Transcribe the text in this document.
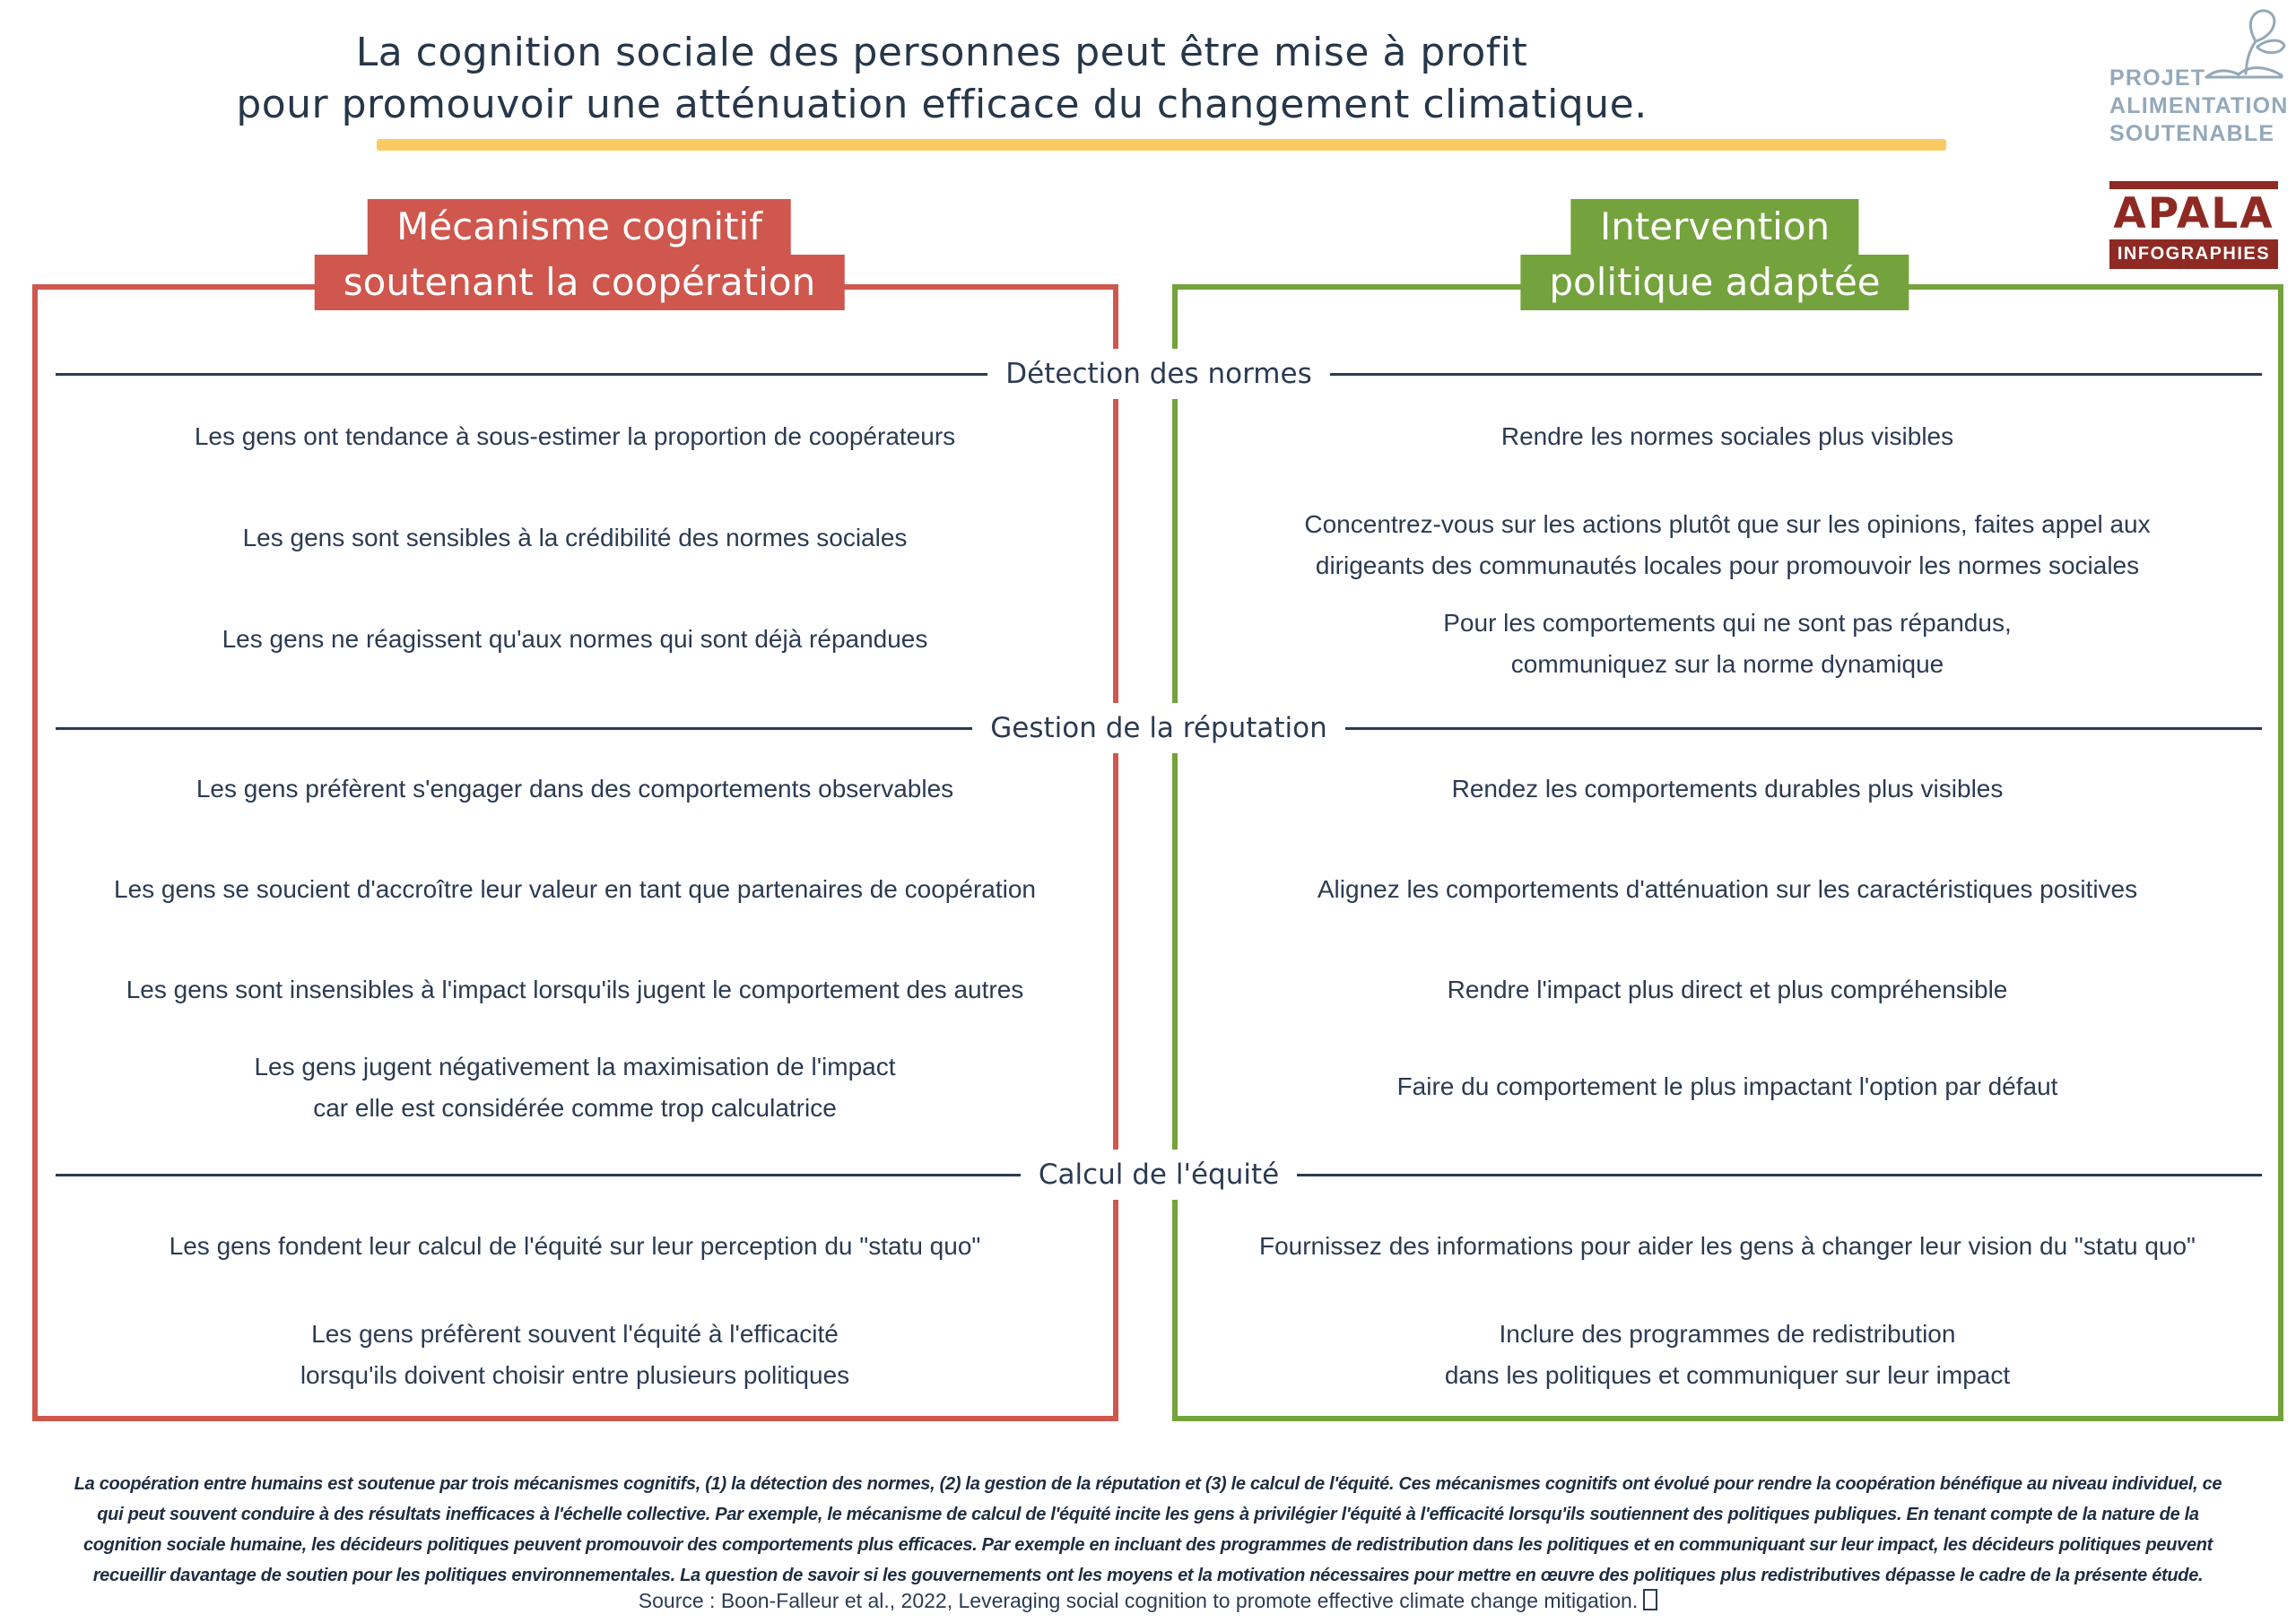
La cognition sociale des personnes peut être mise à profit
pour promouvoir une atténuation efficace du changement climatique.
PROJET
ALIMENTATION
SOUTENABLE
APALA
INFOGRAPHIES
Mécanisme cognitif
soutenant la coopération
Intervention
politique adaptée
Détection des normes
Les gens ont tendance à sous-estimer la proportion de coopérateurs
Les gens sont sensibles à la crédibilité des normes sociales
Les gens ne réagissent qu'aux normes qui sont déjà répandues
Rendre les normes sociales plus visibles
Concentrez-vous sur les actions plutôt que sur les opinions, faites appel aux
dirigeants des communautés locales pour promouvoir les normes sociales
Pour les comportements qui ne sont pas répandus,
communiquez sur la norme dynamique
Gestion de la réputation
Les gens préfèrent s'engager dans des comportements observables
Les gens se soucient d'accroître leur valeur en tant que partenaires de coopération
Les gens sont insensibles à l'impact lorsqu'ils jugent le comportement des autres
Les gens jugent négativement la maximisation de l'impact
car elle est considérée comme trop calculatrice
Rendez les comportements durables plus visibles
Alignez les comportements d'atténuation sur les caractéristiques positives
Rendre l'impact plus direct et plus compréhensible
Faire du comportement le plus impactant l'option par défaut
Calcul de l'équité
Les gens fondent leur calcul de l'équité sur leur perception du "statu quo"
Les gens préfèrent souvent l'équité à l'efficacité
lorsqu'ils doivent choisir entre plusieurs politiques
Fournissez des informations pour aider les gens à changer leur vision du "statu quo"
Inclure des programmes de redistribution
dans les politiques et communiquer sur leur impact
La coopération entre humains est soutenue par trois mécanismes cognitifs, (1) la détection des normes, (2) la gestion de la réputation et (3) le calcul de l'équité. Ces mécanismes cognitifs ont évolué pour rendre la coopération bénéfique au niveau individuel, ce
qui peut souvent conduire à des résultats inefficaces à l'échelle collective. Par exemple, le mécanisme de calcul de l'équité incite les gens à privilégier l'équité à l'efficacité lorsqu'ils soutiennent des politiques publiques. En tenant compte de la nature de la
cognition sociale humaine, les décideurs politiques peuvent promouvoir des comportements plus efficaces. Par exemple en incluant des programmes de redistribution dans les politiques et en communiquant sur leur impact, les décideurs politiques peuvent
recueillir davantage de soutien pour les politiques environnementales. La question de savoir si les gouvernements ont les moyens et la motivation nécessaires pour mettre en œuvre des politiques plus redistributives dépasse le cadre de la présente étude.
Source : Boon-Falleur et al., 2022, Leveraging social cognition to promote effective climate change mitigation.
